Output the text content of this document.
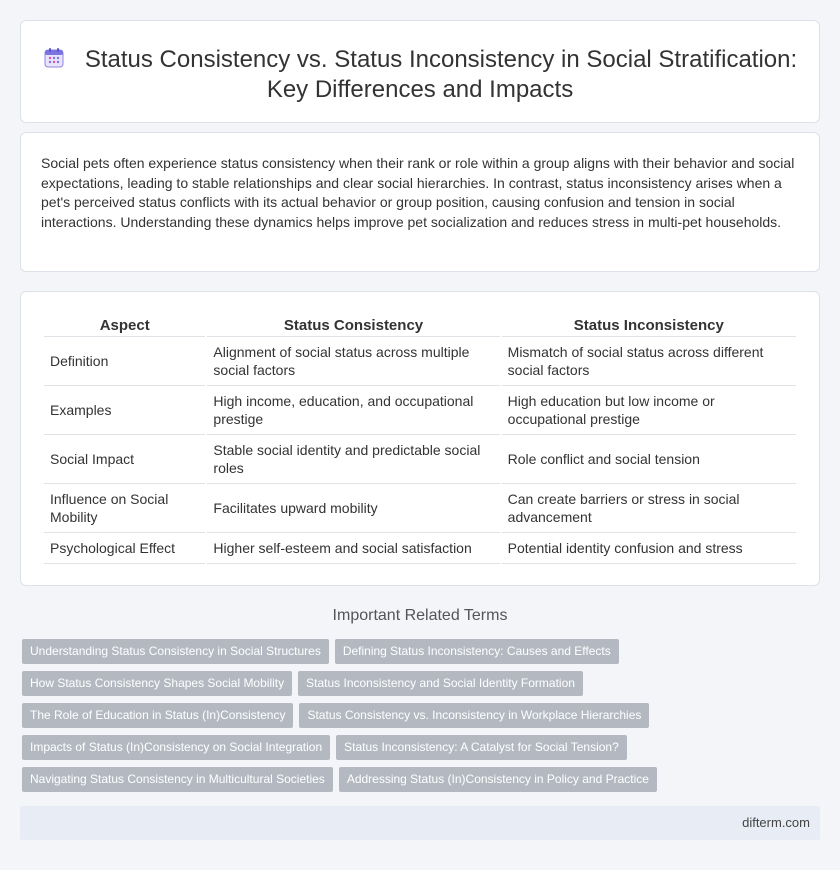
Status Consistency vs. Status Inconsistency in Social Stratification: Key Differences and Impacts

Social pets often experience status consistency when their rank or role within a group aligns with their behavior and social expectations, leading to stable relationships and clear social hierarchies. In contrast, status inconsistency arises when a pet's perceived status conflicts with its actual behavior or group position, causing confusion and tension in social interactions. Understanding these dynamics helps improve pet socialization and reduces stress in multi-pet households.

Aspect	Status Consistency	Status Inconsistency
Definition	Alignment of social status across multiple social factors	Mismatch of social status across different social factors
Examples	High income, education, and occupational prestige	High education but low income or occupational prestige
Social Impact	Stable social identity and predictable social roles	Role conflict and social tension
Influence on Social Mobility	Facilitates upward mobility	Can create barriers or stress in social advancement
Psychological Effect	Higher self-esteem and social satisfaction	Potential identity confusion and stress
Important Related Terms
Understanding Status Consistency in Social Structures Defining Status Inconsistency: Causes and Effects
How Status Consistency Shapes Social Mobility Status Inconsistency and Social Identity Formation
The Role of Education in Status (In)Consistency Status Consistency vs. Inconsistency in Workplace Hierarchies
Impacts of Status (In)Consistency on Social Integration Status Inconsistency: A Catalyst for Social Tension?
Navigating Status Consistency in Multicultural Societies Addressing Status (In)Consistency in Policy and Practice
difterm.com
